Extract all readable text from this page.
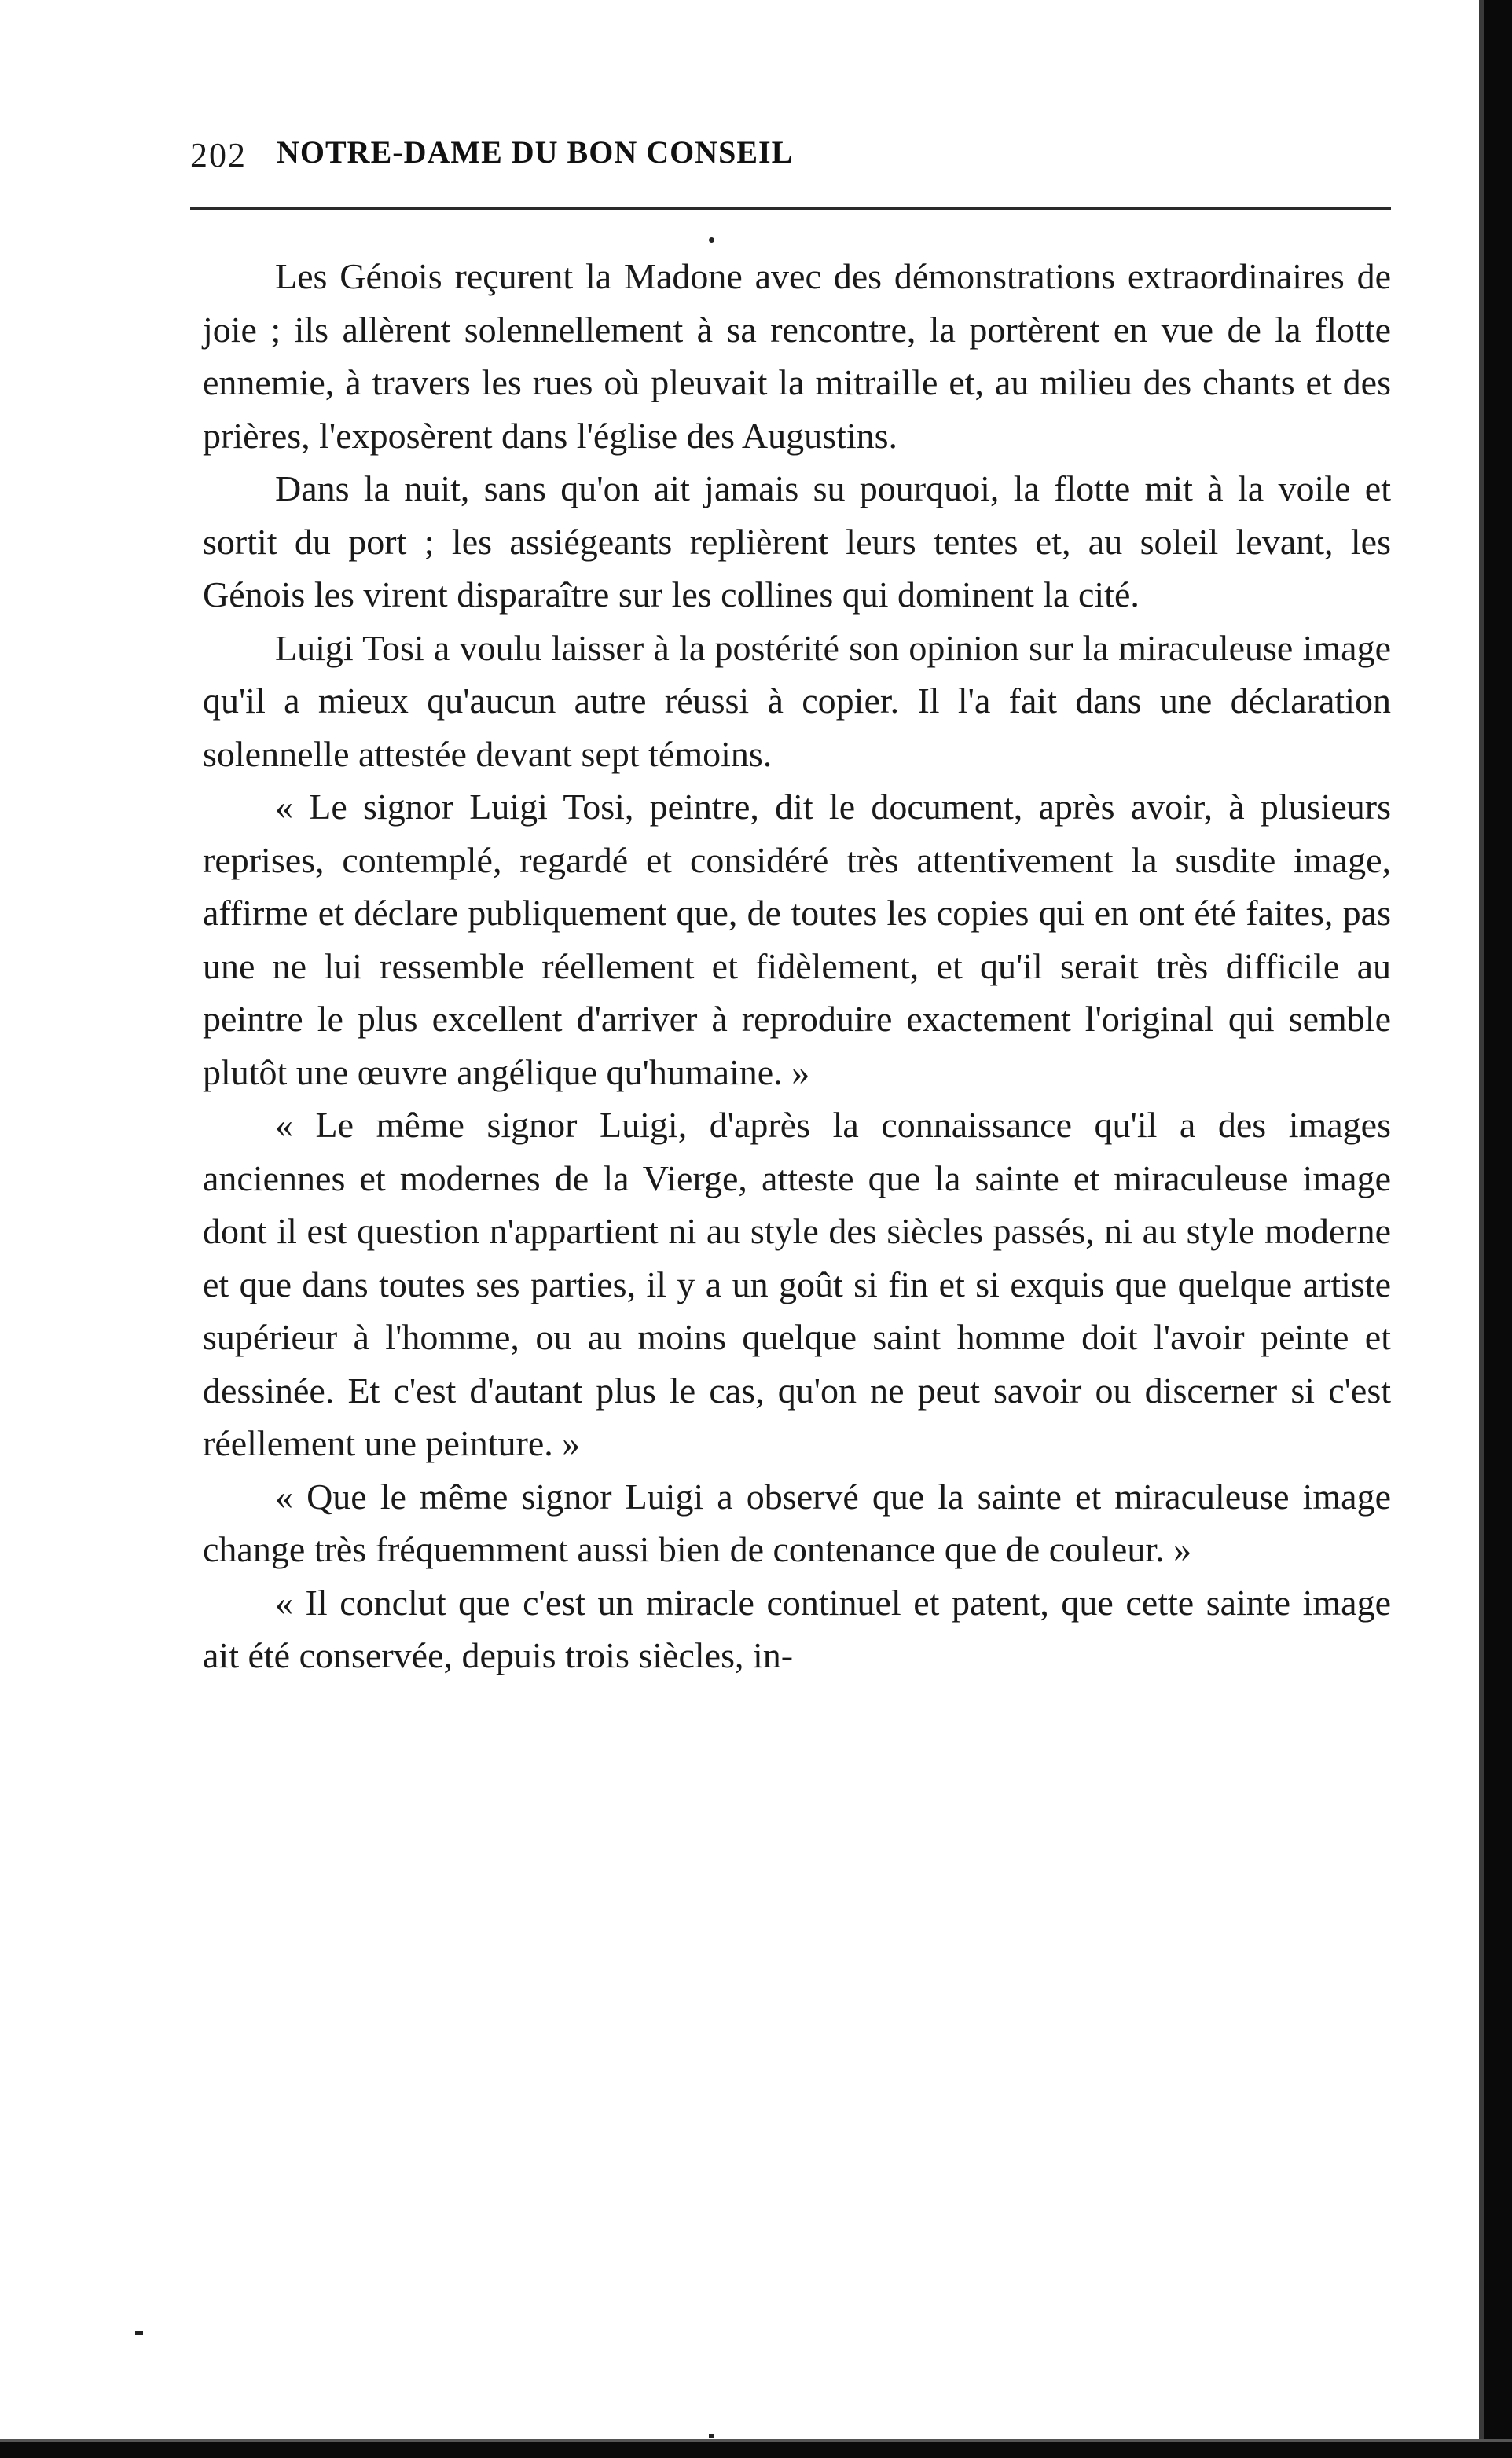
202 NOTRE-DAME DU BON CONSEIL

Les Génois reçurent la Madone avec des démonstrations extraordinaires de joie ; ils allèrent solennellement à sa rencontre, la portèrent en vue de la flotte ennemie, à travers les rues où pleuvait la mitraille et, au milieu des chants et des prières, l'exposèrent dans l'église des Augustins.

Dans la nuit, sans qu'on ait jamais su pourquoi, la flotte mit à la voile et sortit du port ; les assiégeants replièrent leurs tentes et, au soleil levant, les Génois les virent disparaître sur les collines qui dominent la cité.

Luigi Tosi a voulu laisser à la postérité son opinion sur la miraculeuse image qu'il a mieux qu'aucun autre réussi à copier. Il l'a fait dans une déclaration solennelle attestée devant sept témoins.

« Le signor Luigi Tosi, peintre, dit le document, après avoir, à plusieurs reprises, contemplé, regardé et considéré très attentivement la susdite image, affirme et déclare publiquement que, de toutes les copies qui en ont été faites, pas une ne lui ressemble réellement et fidèlement, et qu'il serait très difficile au peintre le plus excellent d'arriver à reproduire exactement l'original qui semble plutôt une œuvre angélique qu'humaine. »

« Le même signor Luigi, d'après la connaissance qu'il a des images anciennes et modernes de la Vierge, atteste que la sainte et miraculeuse image dont il est question n'appartient ni au style des siècles passés, ni au style moderne et que dans toutes ses parties, il y a un goût si fin et si exquis que quelque artiste supérieur à l'homme, ou au moins quelque saint homme doit l'avoir peinte et dessinée. Et c'est d'autant plus le cas, qu'on ne peut savoir ou discerner si c'est réellement une peinture. »

« Que le même signor Luigi a observé que la sainte et miraculeuse image change très fréquemment aussi bien de contenance que de couleur. »

« Il conclut que c'est un miracle continuel et patent, que cette sainte image ait été conservée, depuis trois siècles, in-
